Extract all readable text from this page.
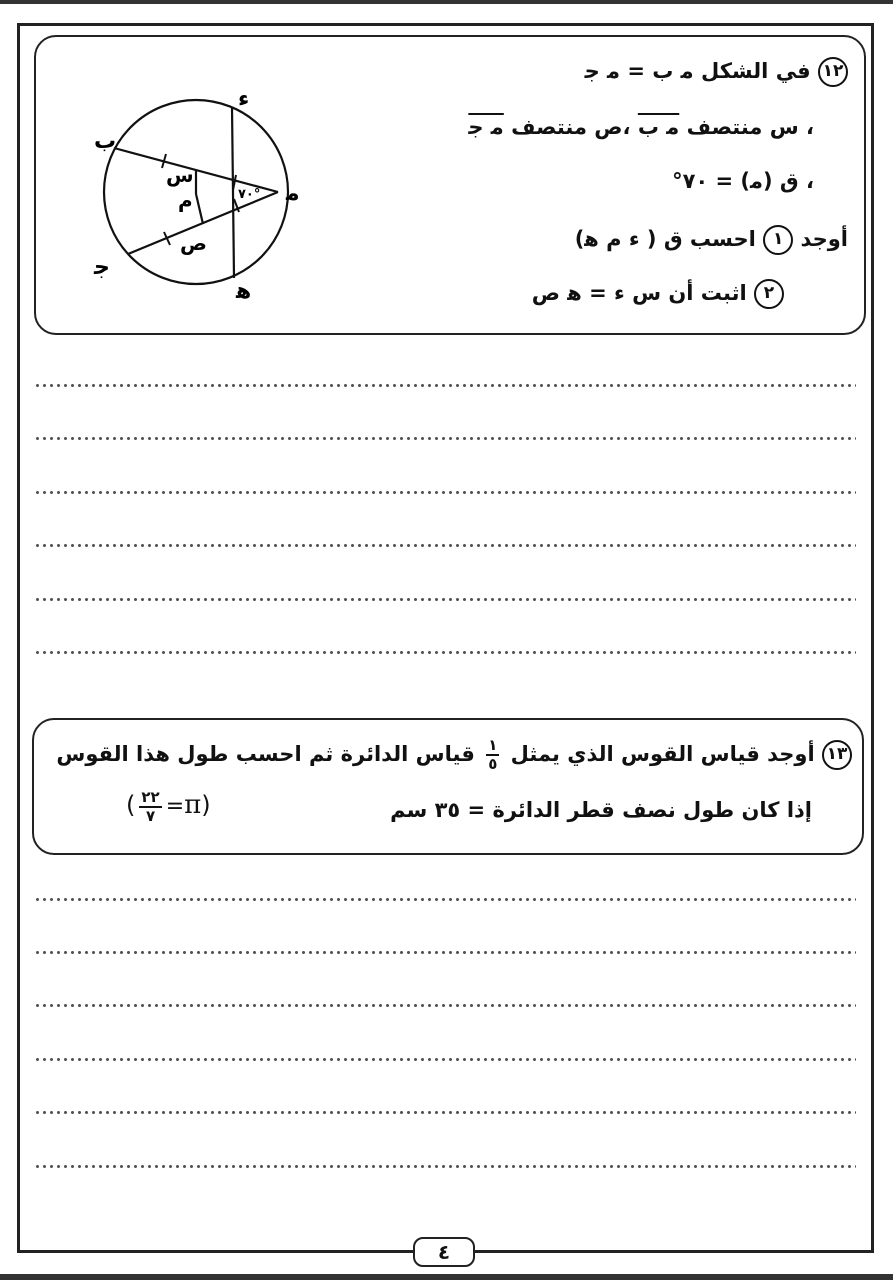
١٢ في الشكل ﻣ ب = ﻣ ﺟ
، س منتصف ﻣ ب ،ص منتصف ﻣ ﺟ
، ﻕ (ﻣ) = ٧٠°
أوجد ١ احسب ﻕ ( ﺀ م ﻫ)
٢ اثبت أن س ﺀ = ﻫ ص
ﻣ
ب
ﺟ
ﺀ
ﻫ
س
ص
م	٧٠°
١٣ أوجد قياس القوس الذي يمثل
$\frac{١}{٥}$
قياس الدائرة ثم احسب طول هذا القوس
إذا كان طول نصف قطر الدائرة = ٣٥ سم
( $\frac{٢٢}{٧} =\pi$)
٤
